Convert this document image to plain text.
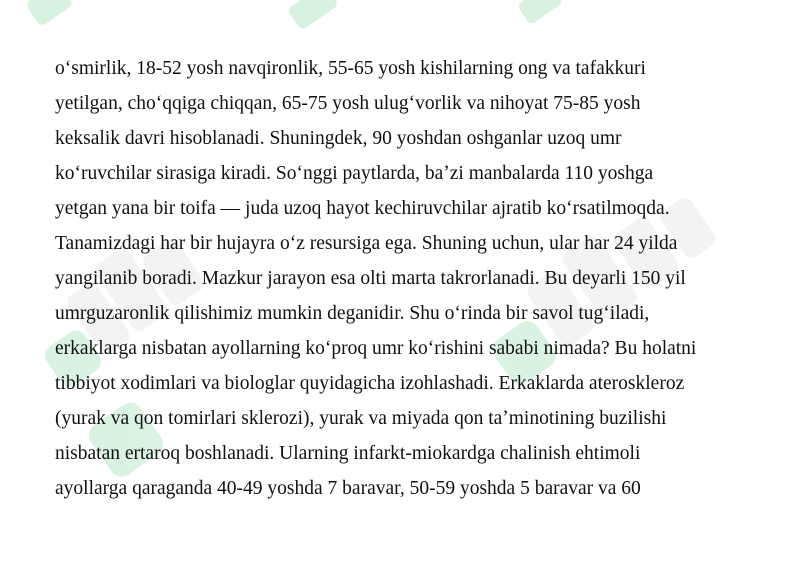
oʻsmirlik, 18-52 yosh navqironlik, 55-65 yosh kishilarning ong va tafakkuri
yetilgan, choʻqqiga chiqqan, 65-75 yosh ulugʻvorlik va nihoyat 75-85 yosh
keksalik davri hisoblanadi. Shuningdek, 90 yoshdan oshganlar uzoq umr
koʻruvchilar sirasiga kiradi. Soʻnggi paytlarda, baʼzi manbalarda 110 yoshga
yetgan yana bir toifa — juda uzoq hayot kechiruvchilar ajratib koʻrsatilmoqda.
Tanamizdagi har bir hujayra oʻz resursiga ega. Shuning uchun, ular har 24 yilda
yangilanib boradi. Mazkur jarayon esa olti marta takrorlanadi. Bu deyarli 150 yil
umrguzaronlik qilishimiz mumkin deganidir. Shu oʻrinda bir savol tugʻiladi,
erkaklarga nisbatan ayollarning koʻproq umr koʻrishini sababi nimada? Bu holatni
tibbiyot xodimlari va biologlar quyidagicha izohlashadi. Erkaklarda ateroskleroz
(yurak va qon tomirlari sklerozi), yurak va miyada qon taʼminotining buzilishi
nisbatan ertaroq boshlanadi. Ularning infarkt-miokardga chalinish ehtimoli
ayollarga qaraganda 40-49 yoshda 7 baravar, 50-59 yoshda 5 baravar va 60
